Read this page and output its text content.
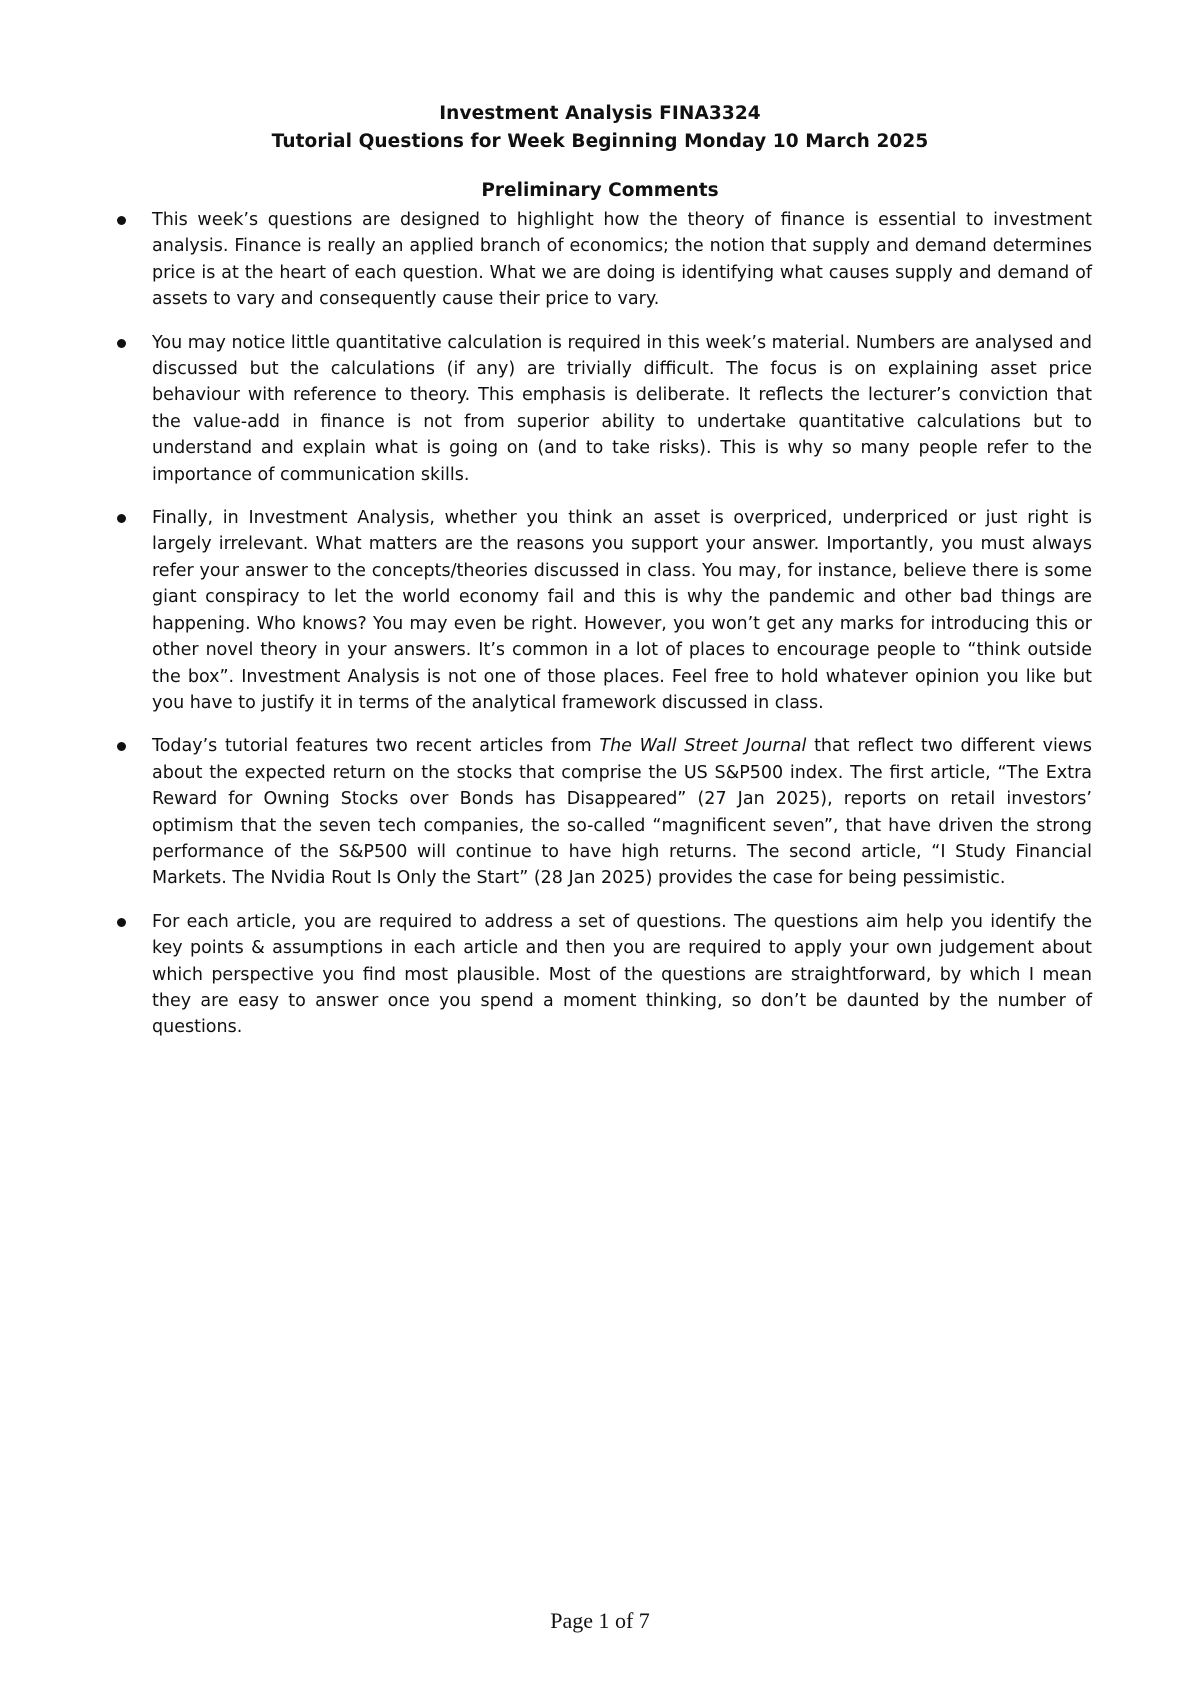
Investment Analysis FINA3324
Tutorial Questions for Week Beginning Monday 10 March 2025
Preliminary Comments
This week’s questions are designed to highlight how the theory of finance is essential to investment analysis. Finance is really an applied branch of economics; the notion that supply and demand determines price is at the heart of each question. What we are doing is identifying what causes supply and demand of assets to vary and consequently cause their price to vary.
You may notice little quantitative calculation is required in this week’s material. Numbers are analysed and discussed but the calculations (if any) are trivially difficult. The focus is on explaining asset price behaviour with reference to theory. This emphasis is deliberate. It reflects the lecturer’s conviction that the value-add in finance is not from superior ability to undertake quantitative calculations but to understand and explain what is going on (and to take risks). This is why so many people refer to the importance of communication skills.
Finally, in Investment Analysis, whether you think an asset is overpriced, underpriced or just right is largely irrelevant. What matters are the reasons you support your answer. Importantly, you must always refer your answer to the concepts/theories discussed in class. You may, for instance, believe there is some giant conspiracy to let the world economy fail and this is why the pandemic and other bad things are happening. Who knows? You may even be right. However, you won’t get any marks for introducing this or other novel theory in your answers. It’s common in a lot of places to encourage people to “think outside the box”. Investment Analysis is not one of those places. Feel free to hold whatever opinion you like but you have to justify it in terms of the analytical framework discussed in class.
Today’s tutorial features two recent articles from The Wall Street Journal that reflect two different views about the expected return on the stocks that comprise the US S&P500 index. The first article, “The Extra Reward for Owning Stocks over Bonds has Disappeared” (27 Jan 2025), reports on retail investors’ optimism that the seven tech companies, the so-called “magnificent seven”, that have driven the strong performance of the S&P500 will continue to have high returns. The second article, “I Study Financial Markets. The Nvidia Rout Is Only the Start” (28 Jan 2025) provides the case for being pessimistic.
For each article, you are required to address a set of questions. The questions aim help you identify the key points & assumptions in each article and then you are required to apply your own judgement about which perspective you find most plausible. Most of the questions are straightforward, by which I mean they are easy to answer once you spend a moment thinking, so don’t be daunted by the number of questions.
Page 1 of 7
